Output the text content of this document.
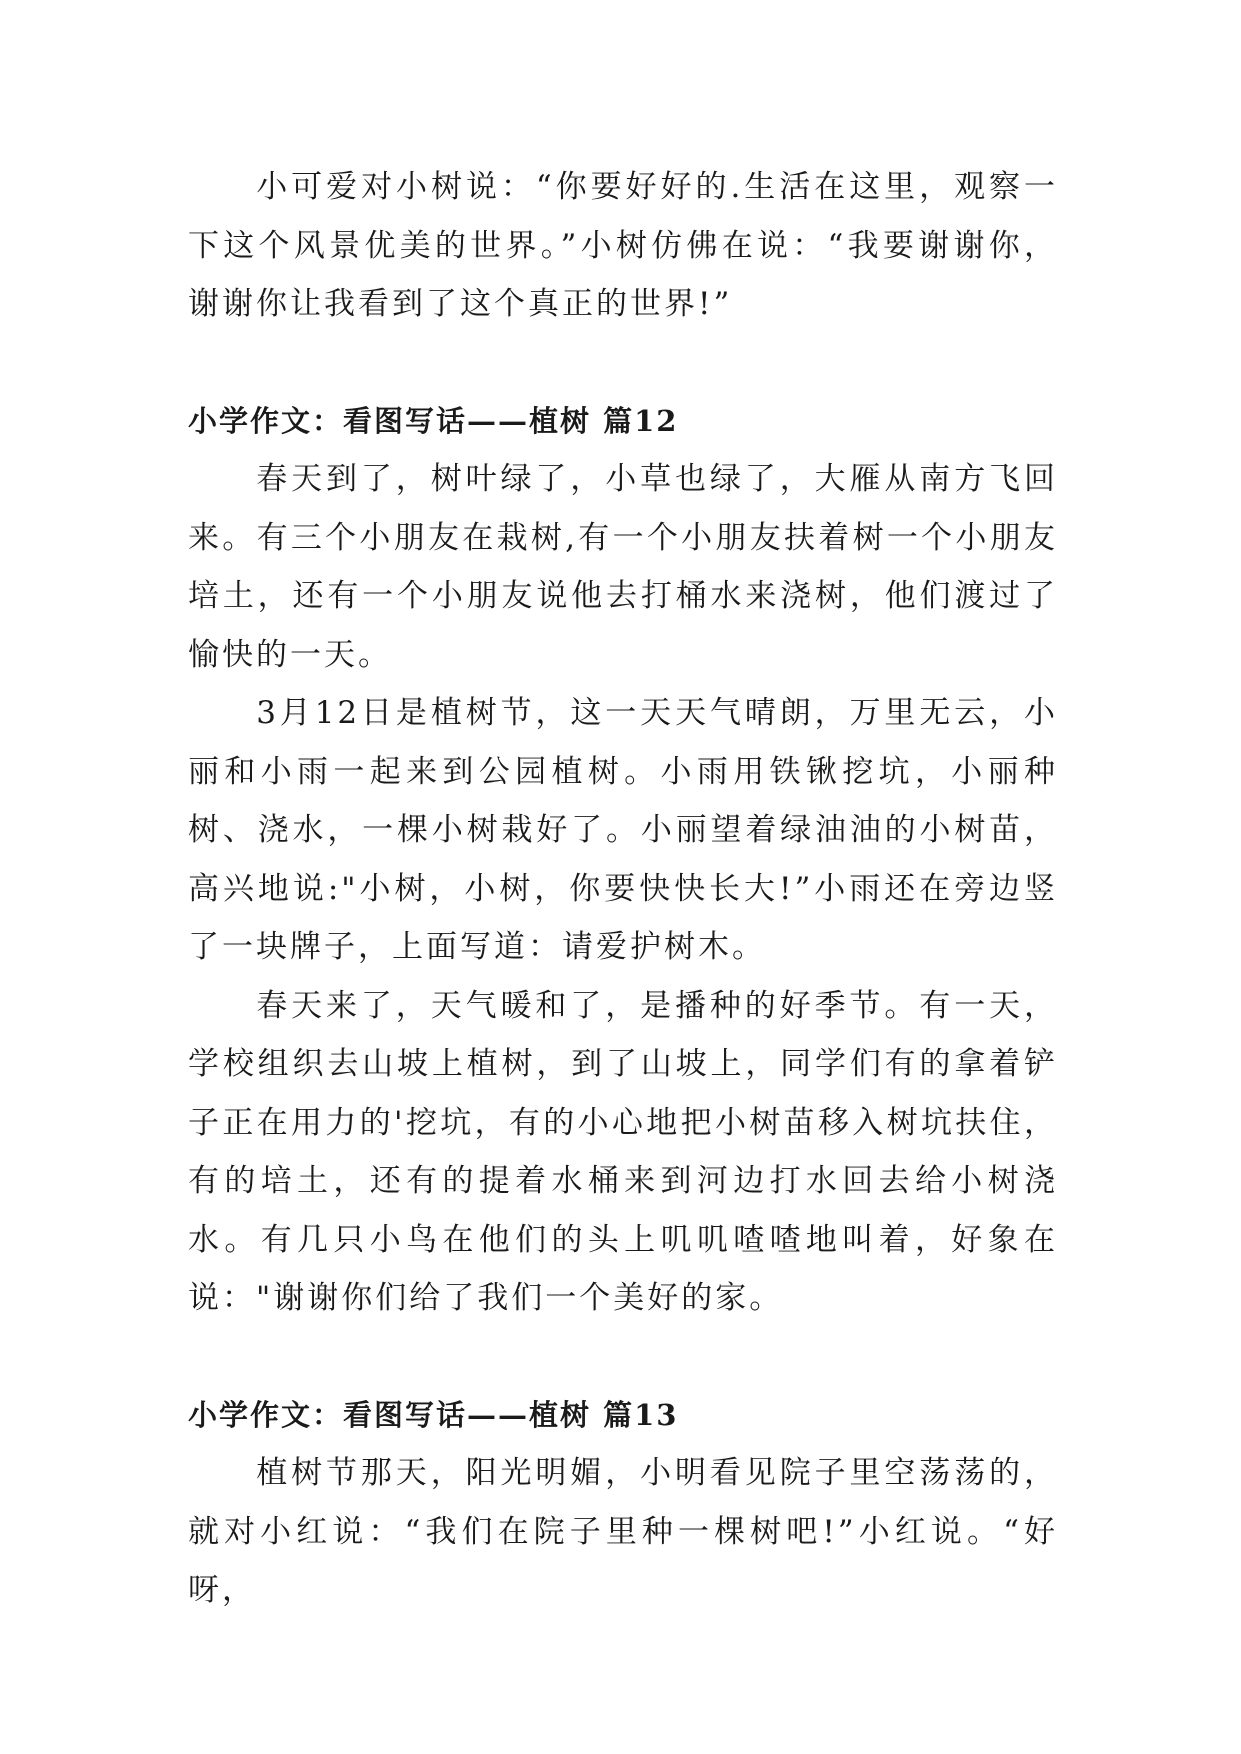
小可爱对小树说：“你要好好的.生活在这里，观察一下这个风景优美的世界。”小树仿佛在说：“我要谢谢你，谢谢你让我看到了这个真正的世界!”

小学作文：看图写话——植树 篇12

春天到了，树叶绿了，小草也绿了，大雁从南方飞回来。有三个小朋友在栽树,有一个小朋友扶着树一个小朋友培土，还有一个小朋友说他去打桶水来浇树，他们渡过了愉快的一天。

3月12日是植树节，这一天天气晴朗，万里无云，小丽和小雨一起来到公园植树。小雨用铁锹挖坑，小丽种树、浇水，一棵小树栽好了。小丽望着绿油油的小树苗，高兴地说:"小树，小树，你要快快长大!”小雨还在旁边竖了一块牌子，上面写道：请爱护树木。

春天来了，天气暖和了，是播种的好季节。有一天，学校组织去山坡上植树，到了山坡上，同学们有的拿着铲子正在用力的'挖坑，有的小心地把小树苗移入树坑扶住，有的培土，还有的提着水桶来到河边打水回去给小树浇水。有几只小鸟在他们的头上叽叽喳喳地叫着，好象在说："谢谢你们给了我们一个美好的家。

小学作文：看图写话——植树 篇13

植树节那天，阳光明媚，小明看见院子里空荡荡的，就对小红说：“我们在院子里种一棵树吧!”小红说。“好呀，
